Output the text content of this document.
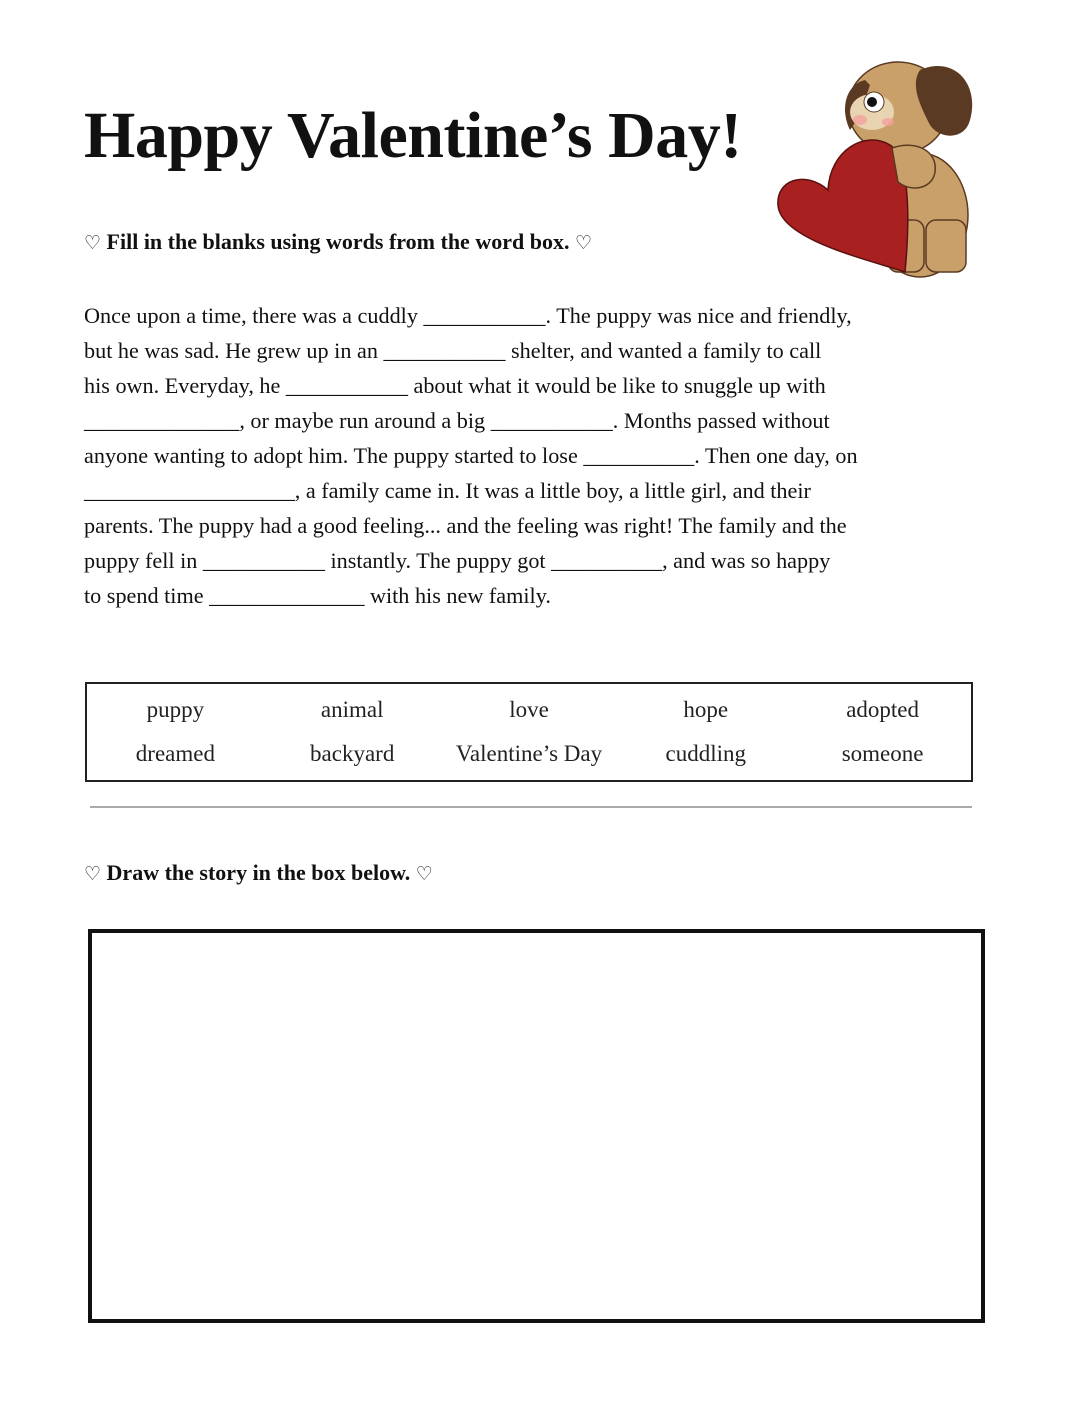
Happy Valentine’s Day!

♡ Fill in the blanks using words from the word box. ♡

Once upon a time, there was a cuddly ___________. The puppy was nice and friendly,
but he was sad. He grew up in an ___________ shelter, and wanted a family to call
his own. Everyday, he ___________ about what it would be like to snuggle up with
______________, or maybe run around a big ___________. Months passed without
anyone wanting to adopt him. The puppy started to lose __________. Then one day, on
___________________, a family came in. It was a little boy, a little girl, and their
parents. The puppy had a good feeling... and the feeling was right! The family and the
puppy fell in ___________ instantly. The puppy got __________, and was so happy
to spend time ______________ with his new family.
puppy	animal	love	hope	adopted
dreamed	backyard	Valentine’s Day	cuddling	someone

♡ Draw the story in the box below. ♡
